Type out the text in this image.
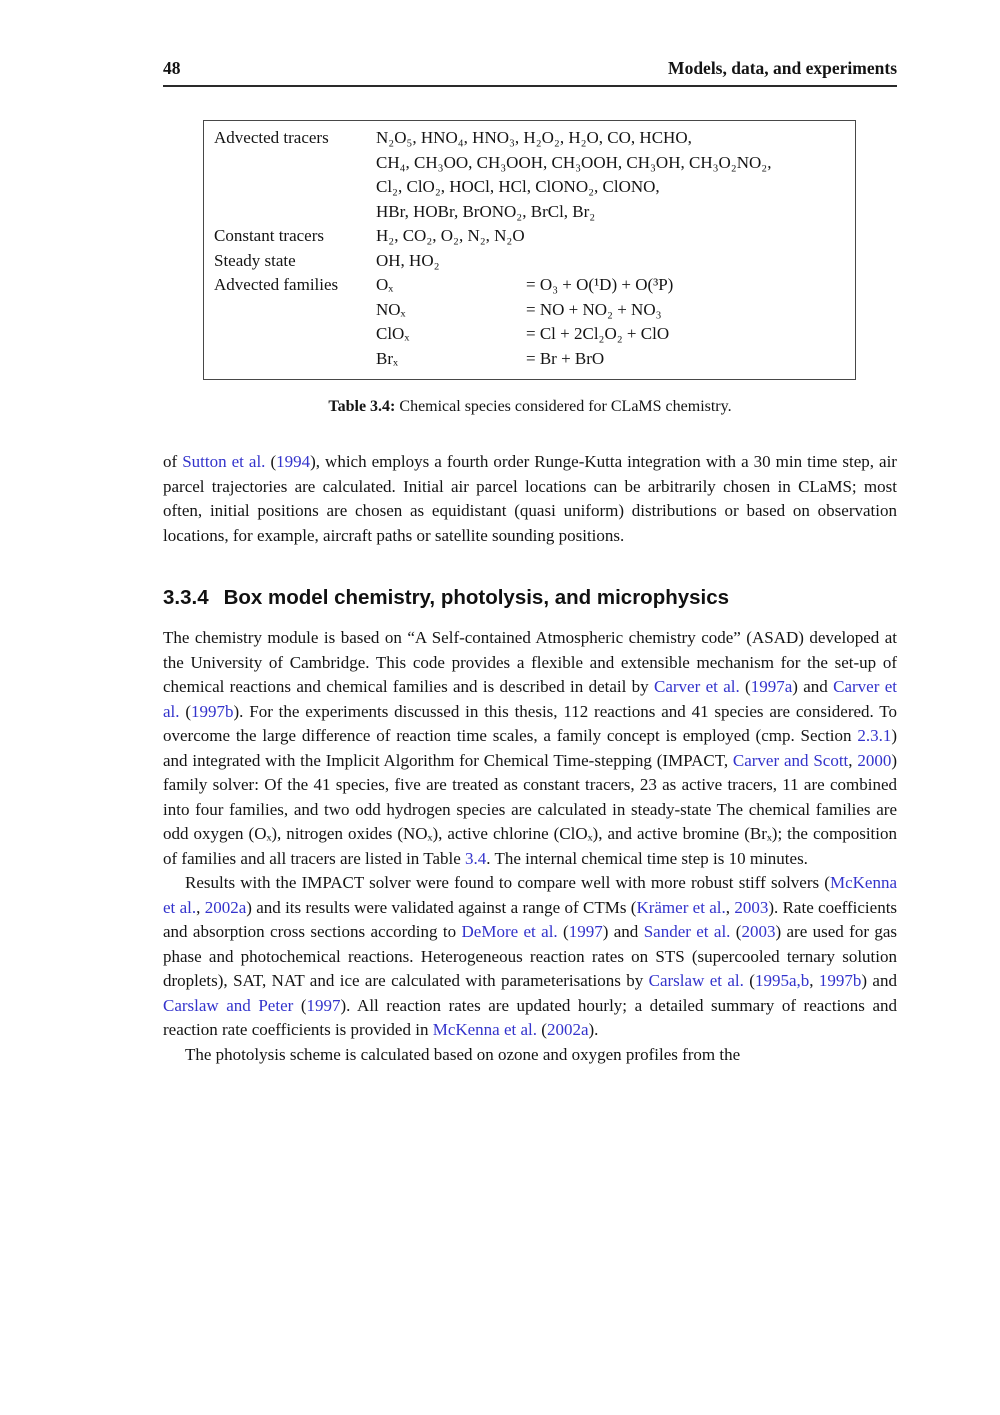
48	Models, data, and experiments
Advected tracers	N₂O₅, HNO₄, HNO₃, H₂O₂, H₂O, CO, HCHO,
CH₄, CH₃OO, CH₃OOH, CH₃OOH, CH₃OH, CH₃O₂NO₂,
Cl₂, ClO₂, HOCl, HCl, ClONO₂, ClONO,
HBr, HOBr, BrONO₂, BrCl, Br₂
Constant tracers	H₂, CO₂, O₂, N₂, N₂O
Steady state	OH, HO₂
Advected families	Oₓ	= O₃ + O(¹D) + O(³P)
NOₓ	= NO + NO₂ + NO₃
ClOₓ	= Cl + 2Cl₂O₂ + ClO
Brₓ	= Br + BrO
Table 3.4: Chemical species considered for CLaMS chemistry.

of Sutton et al. (1994), which employs a fourth order Runge-Kutta integration with a 30 min time step, air parcel trajectories are calculated. Initial air parcel locations can be arbitrarily chosen in CLaMS; most often, initial positions are chosen as equidistant (quasi uniform) distributions or based on observation locations, for example, aircraft paths or satellite sounding positions.

3.3.4 Box model chemistry, photolysis, and microphysics

The chemistry module is based on “A Self-contained Atmospheric chemistry code” (ASAD) developed at the University of Cambridge. This code provides a flexible and extensible mechanism for the set-up of chemical reactions and chemical families and is described in detail by Carver et al. (1997a) and Carver et al. (1997b). For the experiments discussed in this thesis, 112 reactions and 41 species are considered. To overcome the large difference of reaction time scales, a family concept is employed (cmp. Section 2.3.1) and integrated with the Implicit Algorithm for Chemical Time-stepping (IMPACT, Carver and Scott, 2000) family solver: Of the 41 species, five are treated as constant tracers, 23 as active tracers, 11 are combined into four families, and two odd hydrogen species are calculated in steady-state The chemical families are odd oxygen (Oₓ), nitrogen oxides (NOₓ), active chlorine (ClOₓ), and active bromine (Brₓ); the composition of families and all tracers are listed in Table 3.4. The internal chemical time step is 10 minutes.

Results with the IMPACT solver were found to compare well with more robust stiff solvers (McKenna et al., 2002a) and its results were validated against a range of CTMs (Krämer et al., 2003). Rate coefficients and absorption cross sections according to DeMore et al. (1997) and Sander et al. (2003) are used for gas phase and photochemical reactions. Heterogeneous reaction rates on STS (supercooled ternary solution droplets), SAT, NAT and ice are calculated with parameterisations by Carslaw et al. (1995a,b, 1997b) and Carslaw and Peter (1997). All reaction rates are updated hourly; a detailed summary of reactions and reaction rate coefficients is provided in McKenna et al. (2002a).

The photolysis scheme is calculated based on ozone and oxygen profiles from the
